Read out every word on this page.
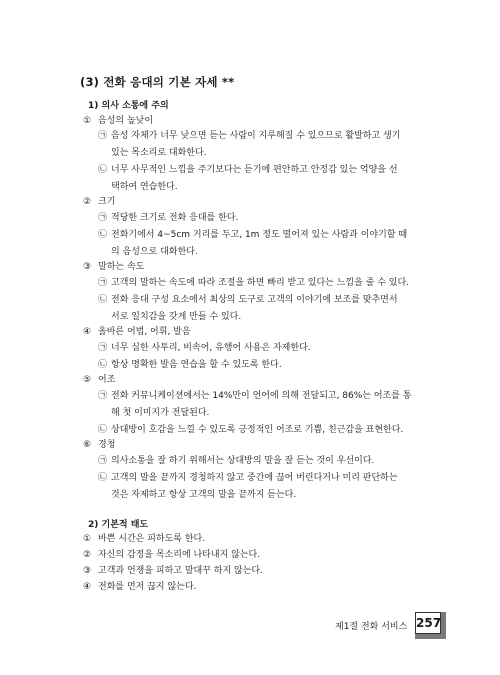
(3) 전화 응대의 기본 자세 **
1) 의사 소통에 주의
① 음성의 높낮이
㉠ 음성 자체가 너무 낮으면 듣는 사람이 지루해질 수 있으므로 활발하고 생기
있는 목소리로 대화한다.
㉡ 너무 사무적인 느낌을 주기보다는 듣기에 편안하고 안정감 있는 억양을 선
택하여 연습한다.
② 크기
㉠ 적당한 크기로 전화 응대를 한다.
㉡ 전화기에서 4~5cm 거리를 두고, 1m 정도 떨어져 있는 사람과 이야기할 때
의 음성으로 대화한다.
③ 말하는 속도
㉠ 고객의 말하는 속도에 따라 조절을 하면 빠리 받고 있다는 느낌을 줄 수 있다.
㉡ 전화 응대 구성 요소에서 최상의 도구로 고객의 이야기에 보조를 맞추면서
서로 일치감을 갖게 만들 수 있다.
④ 올바른 어법, 어휘, 발음
㉠ 너무 심한 사투리, 비속어, 유행어 사용은 자제한다.
㉡ 항상 명확한 발음 연습을 할 수 있도록 한다.
⑤ 어조
㉠ 전화 커뮤니케이션에서는 14%만이 언어에 의해 전달되고, 86%는 어조를 통
해 첫 이미지가 전달된다.
㉡ 상대방이 호감을 느낄 수 있도록 긍정적인 어조로 기쁨, 친근감을 표현한다.
⑥ 경청
㉠ 의사소통을 잘 하기 위해서는 상대방의 말을 잘 듣는 것이 우선이다.
㉡ 고객의 말을 끝까지 경청하지 않고 중간에 끊어 버린다거나 미리 판단하는
것은 자제하고 항상 고객의 말을 끝까지 듣는다.
2) 기본적 태도
① 바쁜 시간은 피하도록 한다.
② 자신의 감정을 목소리에 나타내지 않는다.
③ 고객과 언쟁을 피하고 말대꾸 하지 않는다.
④ 전화를 먼저 끊지 않는다.
제1절 전화 서비스 257
